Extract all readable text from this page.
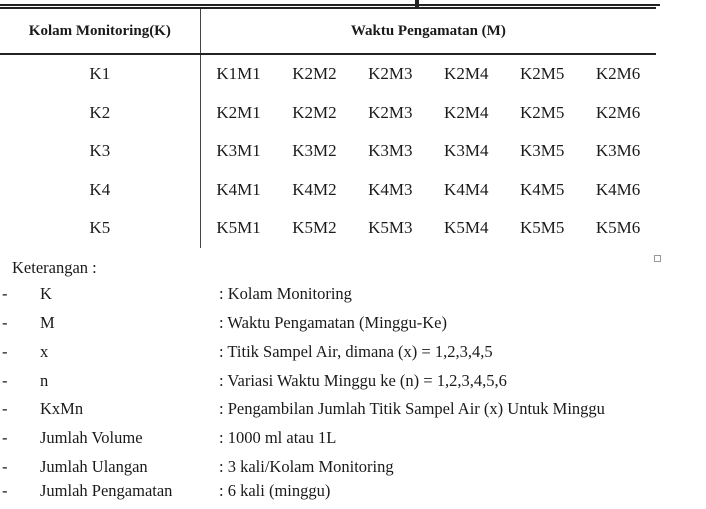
Kolam Monitoring(K)	Waktu Pengamatan (M)					
K1	K1M1	K2M2	K2M3	K2M4	K2M5	K2M6
K2	K2M1	K2M2	K2M3	K2M4	K2M5	K2M6
K3	K3M1	K3M2	K3M3	K3M4	K3M5	K3M6
K4	K4M1	K4M2	K4M3	K4M4	K4M5	K4M6
K5	K5M1	K5M2	K5M3	K5M4	K5M5	K5M6
Keterangan :
- K	: Kolam Monitoring
- M	: Waktu Pengamatan (Minggu-Ke)
- x	: Titik Sampel Air, dimana (x) = 1,2,3,4,5
- n	: Variasi Waktu Minggu ke (n) = 1,2,3,4,5,6
- KxMn	: Pengambilan Jumlah Titik Sampel Air (x) Untuk Minggu
- Jumlah Volume	: 1000 ml atau 1L
- Jumlah Ulangan	: 3 kali/Kolam Monitoring
- Jumlah Pengamatan	: 6 kali (minggu)
